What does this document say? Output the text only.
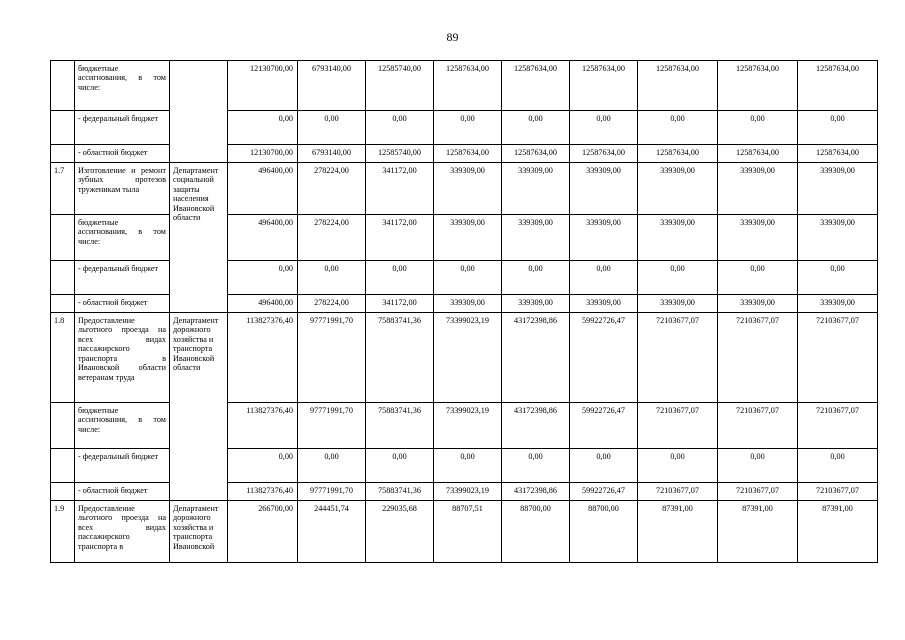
89
	бюджетные ассигнования, в том числе:		12130700,00	6793140,00	12585740,00	12587634,00	12587634,00	12587634,00	12587634,00	12587634,00	12587634,00
	- федеральный бюджет		0,00	0,00	0,00	0,00	0,00	0,00	0,00	0,00	0,00
	- областной бюджет		12130700,00	6793140,00	12585740,00	12587634,00	12587634,00	12587634,00	12587634,00	12587634,00	12587634,00
1.7	Изготовление и ремонт зубных протезов труженикам тыла	Департамент социальной защиты населения Ивановской области	496400,00	278224,00	341172,00	339309,00	339309,00	339309,00	339309,00	339309,00	339309,00
	бюджетные ассигнования, в том числе:		496400,00	278224,00	341172,00	339309,00	339309,00	339309,00	339309,00	339309,00	339309,00
	- федеральный бюджет		0,00	0,00	0,00	0,00	0,00	0,00	0,00	0,00	0,00
	- областной бюджет		496400,00	278224,00	341172,00	339309,00	339309,00	339309,00	339309,00	339309,00	339309,00
1.8	Предоставление льготного проезда на всех видах пассажирского транспорта в Ивановской области ветеранам труда	Департамент дорожного хозяйства и транспорта Ивановской области	113827376,40	97771991,70	75883741,36	73399023,19	43172398,86	59922726,47	72103677,07	72103677,07	72103677,07
	бюджетные ассигнования, в том числе:		113827376,40	97771991,70	75883741,36	73399023,19	43172398,86	59922726,47	72103677,07	72103677,07	72103677,07
	- федеральный бюджет		0,00	0,00	0,00	0,00	0,00	0,00	0,00	0,00	0,00
	- областной бюджет		113827376,40	97771991,70	75883741,36	73399023,19	43172398,86	59922726,47	72103677,07	72103677,07	72103677,07
1.9	Предоставление льготного проезда на всех видах пассажирского транспорта в	Департамент дорожного хозяйства и транспорта Ивановской	266700,00	244451,74	229035,68	88707,51	88700,00	88700,00	87391,00	87391,00	87391,00
